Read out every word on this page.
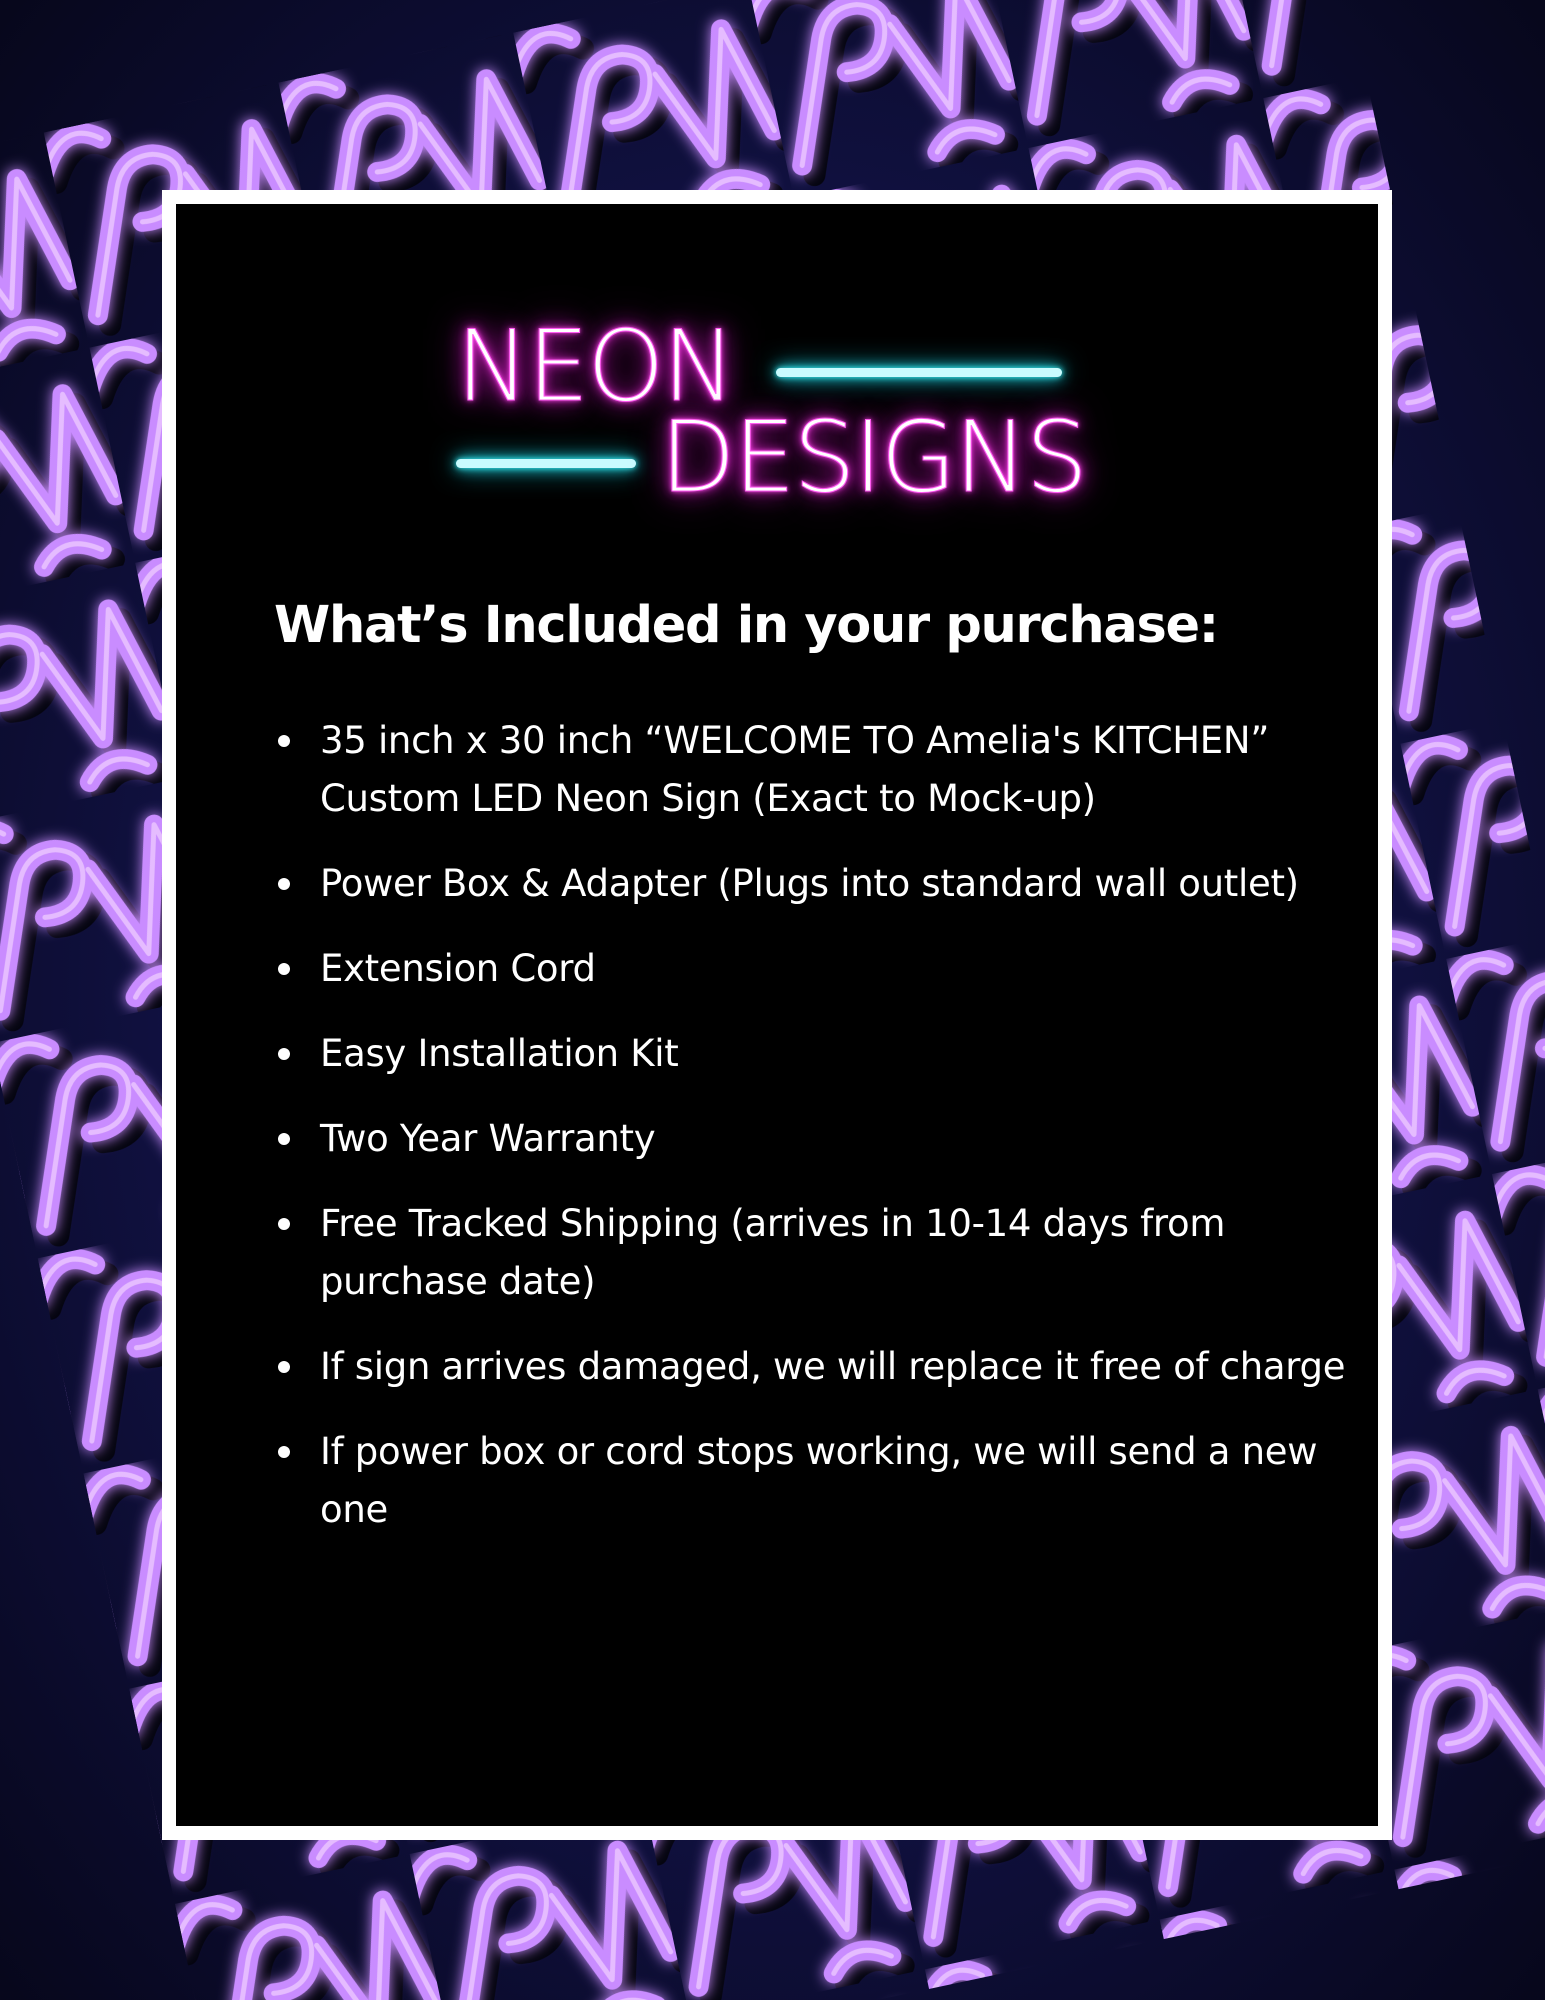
NEON
DESIGNS
What’s Included in your purchase:
35 inch x 30 inch “WELCOME TO Amelia's KITCHEN” Custom LED Neon Sign (Exact to Mock-up)
Power Box & Adapter (Plugs into standard wall outlet)
Extension Cord
Easy Installation Kit
Two Year Warranty
Free Tracked Shipping (arrives in 10-14 days from purchase date)
If sign arrives damaged, we will replace it free of charge
If power box or cord stops working, we will send a new one
